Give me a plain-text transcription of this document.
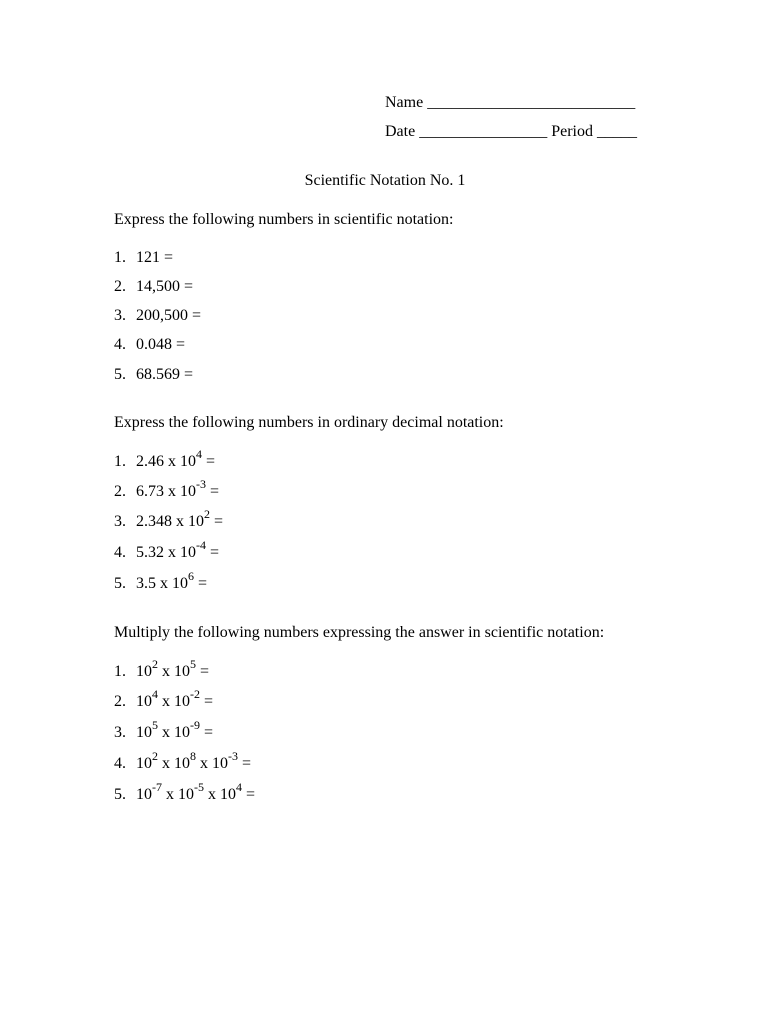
Name __________________________
Date ________________ Period _____
Scientific Notation No. 1
Express the following numbers in scientific notation:
1. 121 =
2. 14,500 =
3. 200,500 =
4. 0.048 =
5. 68.569 =
Express the following numbers in ordinary decimal notation:
1. 2.46 x $10^4$ =
2. 6.73 x $10^{-3}$ =
3. 2.348 x $10^2$ =
4. 5.32 x $10^{-4}$ =
5. 3.5 x $10^6$ =
Multiply the following numbers expressing the answer in scientific notation:
1. $10^2$ x $10^5$ =
2. $10^4$ x $10^{-2}$ =
3. $10^5$ x $10^{-9}$ =
4. $10^2$ x $10^8$ x $10^{-3}$ =
5. $10^{-7}$ x $10^{-5}$ x $10^4$ =
